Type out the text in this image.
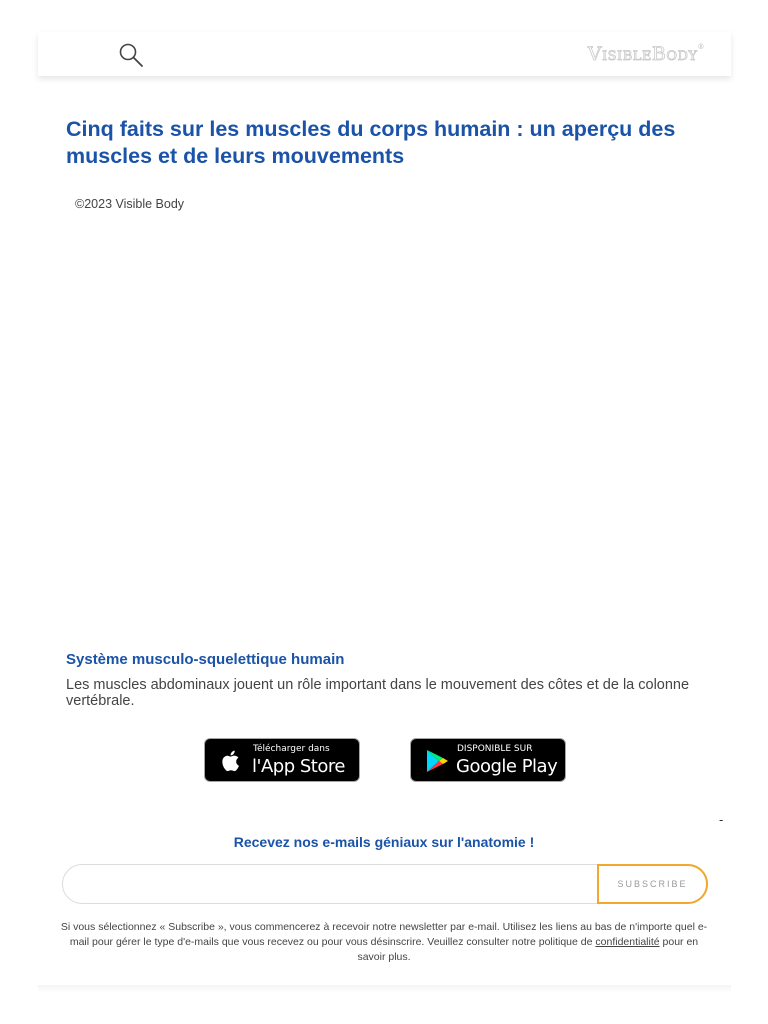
VisibleBody®
Cinq faits sur les muscles du corps humain : un aperçu des muscles et de leurs mouvements
©2023 Visible Body
Système musculo-squelettique humain
Les muscles abdominaux jouent un rôle important dans le mouvement des côtes et de la colonne vertébrale.
Télécharger dans
l'App Store
DISPONIBLE SUR
Google Play
-
Recevez nos e-mails géniaux sur l'anatomie !
SUBSCRIBE
Si vous sélectionnez « Subscribe », vous commencerez à recevoir notre newsletter par e-mail. Utilisez les liens au bas de n'importe quel e-mail pour gérer le type d'e-mails que vous recevez ou pour vous désinscrire. Veuillez consulter notre politique de confidentialité pour en savoir plus.
